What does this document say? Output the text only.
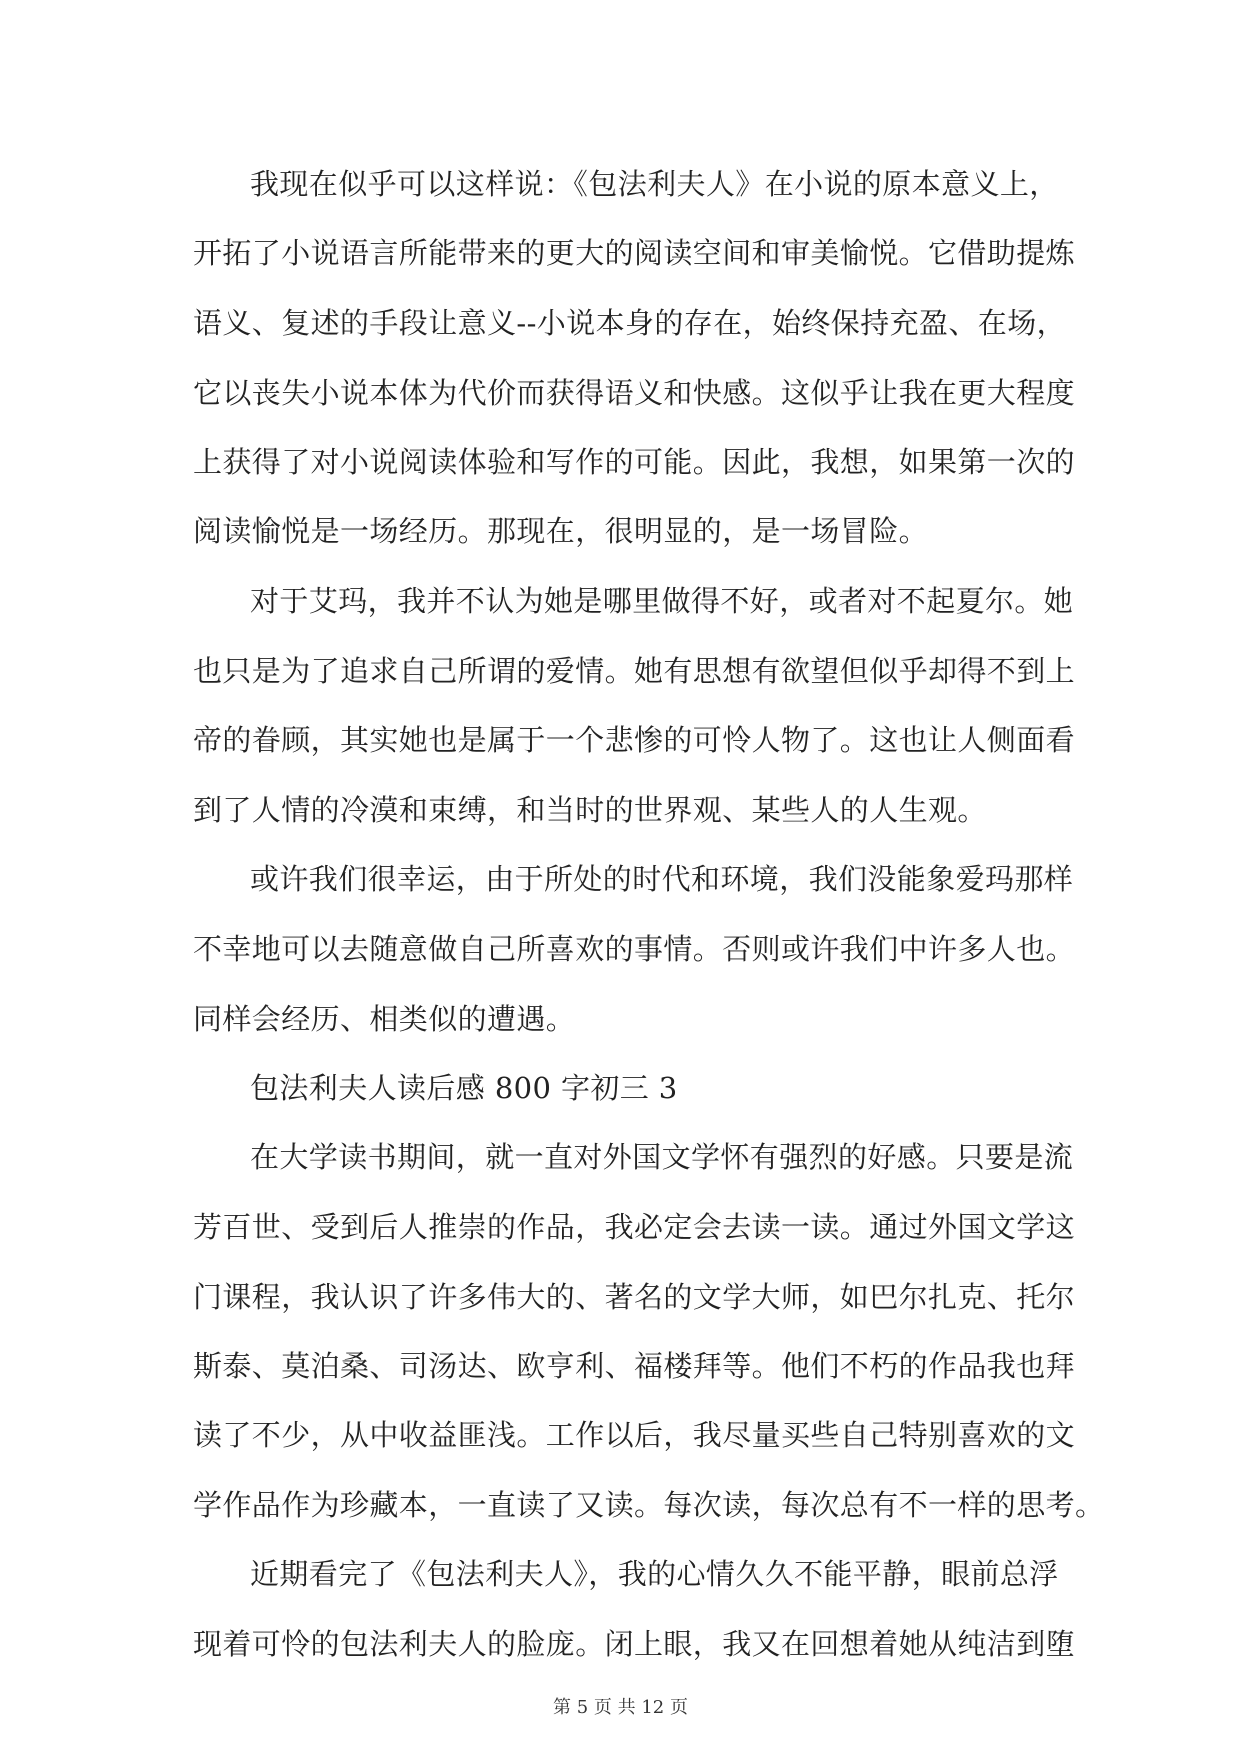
我现在似乎可以这样说：《包法利夫人》在小说的原本意义上，
开拓了小说语言所能带来的更大的阅读空间和审美愉悦。它借助提炼
语义、复述的手段让意义--小说本身的存在，始终保持充盈、在场，
它以丧失小说本体为代价而获得语义和快感。这似乎让我在更大程度
上获得了对小说阅读体验和写作的可能。因此，我想，如果第一次的
阅读愉悦是一场经历。那现在，很明显的，是一场冒险。
对于艾玛，我并不认为她是哪里做得不好，或者对不起夏尔。她
也只是为了追求自己所谓的爱情。她有思想有欲望但似乎却得不到上
帝的眷顾，其实她也是属于一个悲惨的可怜人物了。这也让人侧面看
到了人情的冷漠和束缚，和当时的世界观、某些人的人生观。
或许我们很幸运，由于所处的时代和环境，我们没能象爱玛那样
不幸地可以去随意做自己所喜欢的事情。否则或许我们中许多人也。
同样会经历、相类似的遭遇。
包法利夫人读后感 800 字初三 3
在大学读书期间，就一直对外国文学怀有强烈的好感。只要是流
芳百世、受到后人推崇的作品，我必定会去读一读。通过外国文学这
门课程，我认识了许多伟大的、著名的文学大师，如巴尔扎克、托尔
斯泰、莫泊桑、司汤达、欧亨利、福楼拜等。他们不朽的作品我也拜
读了不少，从中收益匪浅。工作以后，我尽量买些自己特别喜欢的文
学作品作为珍藏本，一直读了又读。每次读，每次总有不一样的思考。
近期看完了《包法利夫人》，我的心情久久不能平静，眼前总浮
现着可怜的包法利夫人的脸庞。闭上眼，我又在回想着她从纯洁到堕
第 5 页 共 12 页
